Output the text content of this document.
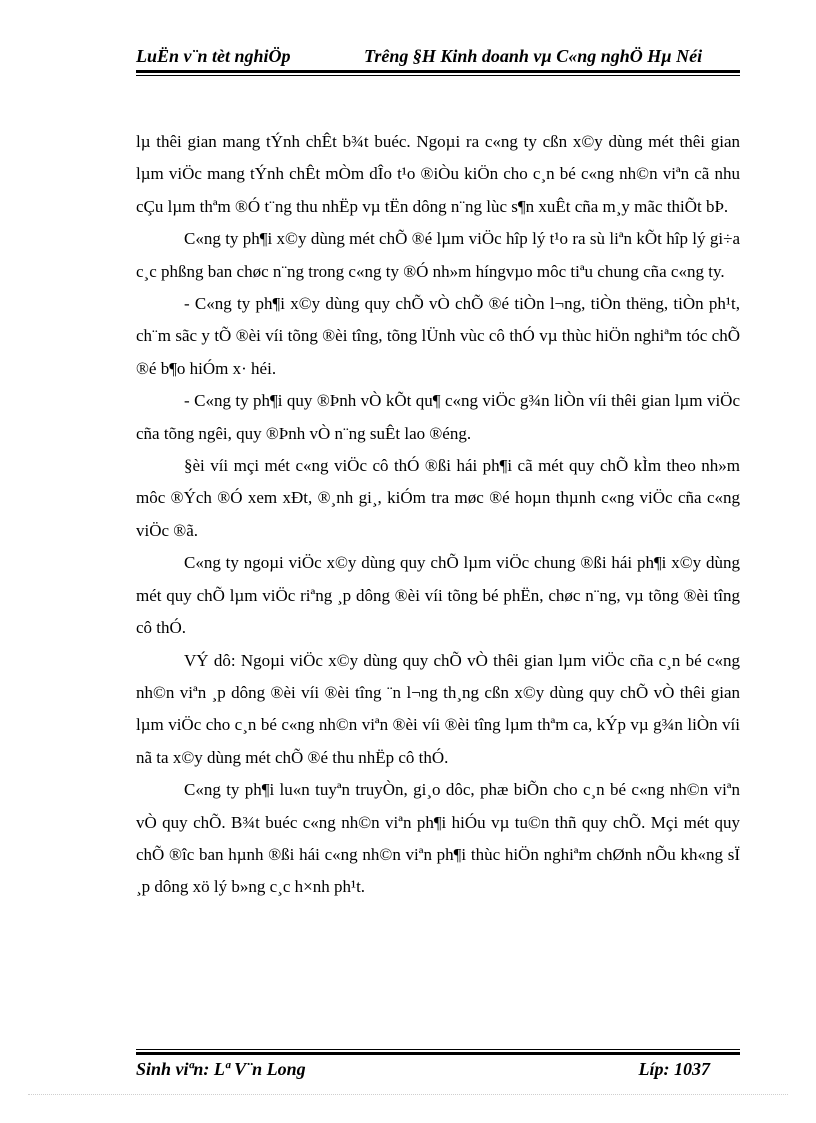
LuËn v¨n tèt nghiÖp	Trêng §H Kinh doanh vµ C«ng nghÖ Hµ Néi

lµ thêi gian mang tÝnh chÊt b¾t buéc. Ngoµi ra c«ng ty cßn x©y dùng mét thêi gian lµm viÖc mang tÝnh chÊt mÒm dÎo t¹o ®iÒu kiÖn cho c¸n bé c«ng nh©n viªn cã nhu cÇu lµm thªm ®Ó t¨ng thu nhËp vµ tËn dông n¨ng lùc s¶n xuÊt cña m¸y mãc thiÕt bÞ.

C«ng ty ph¶i x©y dùng mét chÕ ®é lµm viÖc hîp lý t¹o ra sù liªn kÕt hîp lý gi÷a c¸c phßng ban chøc n¨ng trong c«ng ty ®Ó nh»m híngvµo môc tiªu chung cña c«ng ty.

- C«ng ty ph¶i x©y dùng quy chÕ vÒ chÕ ®é tiÒn l¬ng, tiÒn thëng, tiÒn ph¹t, ch¨m sãc y tÕ ®èi víi tõng ®èi tîng, tõng lÜnh vùc cô thÓ vµ thùc hiÖn nghiªm tóc chÕ ®é b¶o hiÓm x· héi.

- C«ng ty ph¶i quy ®Þnh vÒ kÕt qu¶ c«ng viÖc g¾n liÒn víi thêi gian lµm viÖc cña tõng ngêi, quy ®Þnh vÒ n¨ng suÊt lao ®éng.

§èi víi mçi mét c«ng viÖc cô thÓ ®ßi hái ph¶i cã mét quy chÕ kÌm theo nh»m môc ®Ých ®Ó xem xÐt, ®¸nh gi¸, kiÓm tra møc ®é hoµn thµnh c«ng viÖc cña c«ng viÖc ®ã.

C«ng ty ngoµi viÖc x©y dùng quy chÕ lµm viÖc chung ®ßi hái ph¶i x©y dùng mét quy chÕ lµm viÖc riªng ¸p dông ®èi víi tõng bé phËn, chøc n¨ng, vµ tõng ®èi tîng cô thÓ.

VÝ dô: Ngoµi viÖc x©y dùng quy chÕ vÒ thêi gian lµm viÖc cña c¸n bé c«ng nh©n viªn ¸p dông ®èi víi ®èi tîng ¨n l¬ng th¸ng cßn x©y dùng quy chÕ vÒ thêi gian lµm viÖc cho c¸n bé c«ng nh©n viªn ®èi víi ®èi tîng lµm thªm ca, kÝp vµ g¾n liÒn víi nã ta x©y dùng mét chÕ ®é thu nhËp cô thÓ.

C«ng ty ph¶i lu«n tuyªn truyÒn, gi¸o dôc, phæ biÕn cho c¸n bé c«ng nh©n viªn vÒ quy chÕ. B¾t buéc c«ng nh©n viªn ph¶i hiÓu vµ tu©n thñ quy chÕ. Mçi mét quy chÕ ®îc ban hµnh ®ßi hái c«ng nh©n viªn ph¶i thùc hiÖn nghiªm chØnh nÕu kh«ng sÏ ¸p dông xö lý b»ng c¸c h×nh ph¹t.

Sinh viªn: Lª V¨n Long	Líp: 1037
